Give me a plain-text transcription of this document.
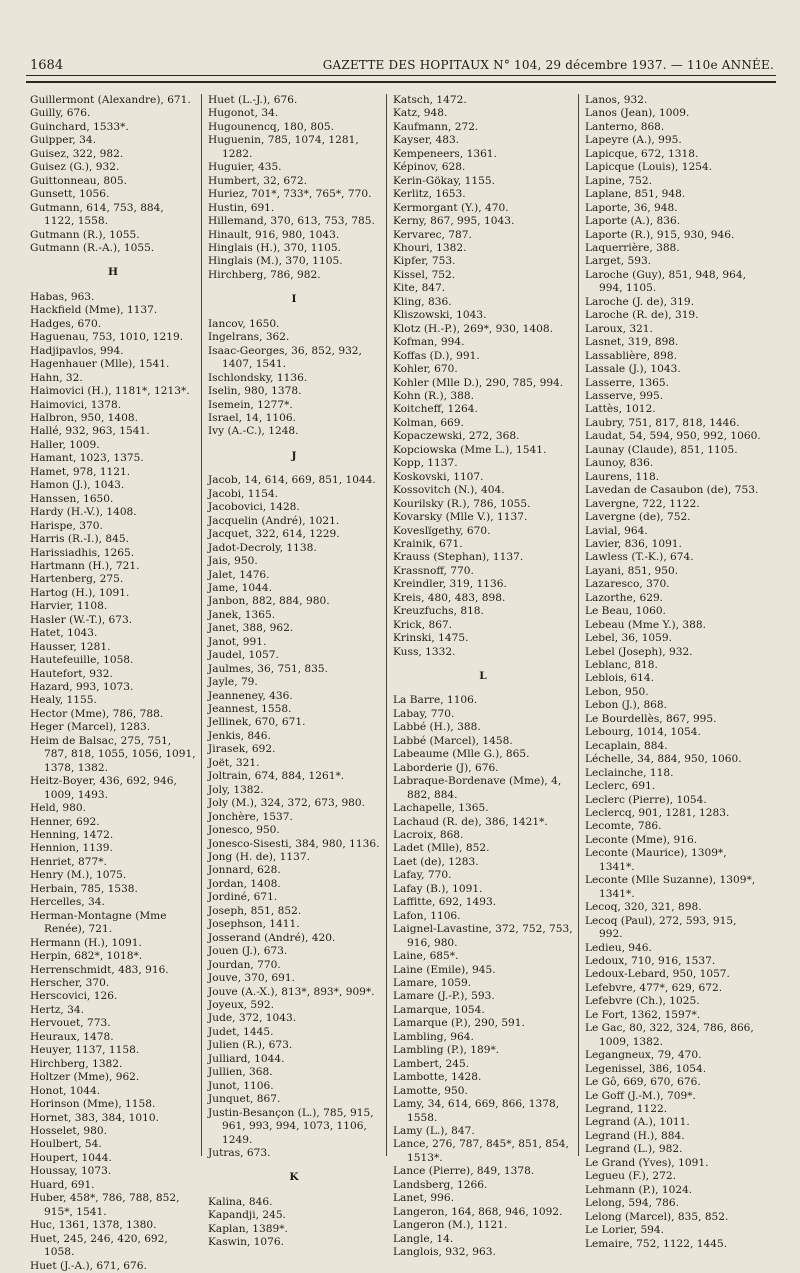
1684	GAZETTE DES HOPITAUX N° 104, 29 décembre 1937. — 110e ANNÉE.

Guillermont (Alexandre), 671.

Guilly, 676.

Guinchard, 1533*.

Guipper, 34.

Guisez, 322, 982.

Guisez (G.), 932.

Guittonneau, 805.

Gunsett, 1056.

Gutmann, 614, 753, 884, 1122, 1558.

Gutmann (R.), 1055.

Gutmann (R.-A.), 1055.

H

Habas, 963.

Hackfield (Mme), 1137.

Hadges, 670.

Haguenau, 753, 1010, 1219.

Hadjipavlos, 994.

Hagenhauer (Mlle), 1541.

Hahn, 32.

Haimovici (H.), 1181*, 1213*.

Haimovici, 1378.

Halbron, 950, 1408.

Hallé, 932, 963, 1541.

Haller, 1009.

Hamant, 1023, 1375.

Hamet, 978, 1121.

Hamon (J.), 1043.

Hanssen, 1650.

Hardy (H.-V.), 1408.

Harispe, 370.

Harris (R.-I.), 845.

Harissiadhis, 1265.

Hartmann (H.), 721.

Hartenberg, 275.

Hartog (H.), 1091.

Harvier, 1108.

Hasler (W.-T.), 673.

Hatet, 1043.

Hausser, 1281.

Hautefeuille, 1058.

Hautefort, 932.

Hazard, 993, 1073.

Healy, 1155.

Hector (Mme), 786, 788.

Heger (Marcel), 1283.

Heim de Balsac, 275, 751, 787, 818, 1055, 1056, 1091, 1378, 1382.

Heitz-Boyer, 436, 692, 946, 1009, 1493.

Held, 980.

Henner, 692.

Henning, 1472.

Hennion, 1139.

Henriet, 877*.

Henry (M.), 1075.

Herbain, 785, 1538.

Hercelles, 34.

Herman-Montagne (Mme Renée), 721.

Hermann (H.), 1091.

Herpin, 682*, 1018*.

Herrenschmidt, 483, 916.

Herscher, 370.

Herscovici, 126.

Hertz, 34.

Hervouet, 773.

Heuraux, 1478.

Heuyer, 1137, 1158.

Hirchberg, 1382.

Holtzer (Mme), 962.

Honot, 1044.

Horinson (Mme), 1158.

Hornet, 383, 384, 1010.

Hosselet, 980.

Houlbert, 54.

Houpert, 1044.

Houssay, 1073.

Huard, 691.

Huber, 458*, 786, 788, 852, 915*, 1541.

Huc, 1361, 1378, 1380.

Huet, 245, 246, 420, 692, 1058.

Huet (J.-A.), 671, 676.

Huet (L.-J.), 676.

Hugonot, 34.

Hugounencq, 180, 805.

Huguenin, 785, 1074, 1281, 1282.

Huguier, 435.

Humbert, 32, 672.

Huriez, 701*, 733*, 765*, 770.

Hustin, 691.

Hillemand, 370, 613, 753, 785.

Hinault, 916, 980, 1043.

Hinglais (H.), 370, 1105.

Hinglais (M.), 370, 1105.

Hirchberg, 786, 982.

I

Iancov, 1650.

Ingelrans, 362.

Isaac-Georges, 36, 852, 932, 1407, 1541.

Ischlondsky, 1136.

Iselin, 980, 1378.

Isemein, 1277*.

Israel, 14, 1106.

Ivy (A.-C.), 1248.

J

Jacob, 14, 614, 669, 851, 1044.

Jacobi, 1154.

Jacobovici, 1428.

Jacquelin (André), 1021.

Jacquet, 322, 614, 1229.

Jadot-Decroly, 1138.

Jais, 950.

Jalet, 1476.

Jame, 1044.

Janbon, 882, 884, 980.

Janek, 1365.

Janet, 388, 962.

Janot, 991.

Jaudel, 1057.

Jaulmes, 36, 751, 835.

Jayle, 79.

Jeanneney, 436.

Jeannest, 1558.

Jellinek, 670, 671.

Jenkis, 846.

Jirasek, 692.

Joët, 321.

Joltrain, 674, 884, 1261*.

Joly, 1382.

Joly (M.), 324, 372, 673, 980.

Jonchère, 1537.

Jonesco, 950.

Jonesco-Sisesti, 384, 980, 1136.

Jong (H. de), 1137.

Jonnard, 628.

Jordan, 1408.

Jordiné, 671.

Joseph, 851, 852.

Josephson, 1411.

Josserand (André), 420.

Jouen (J.), 673.

Jourdan, 770.

Jouve, 370, 691.

Jouve (A.-X.), 813*, 893*, 909*.

Joyeux, 592.

Jude, 372, 1043.

Judet, 1445.

Julien (R.), 673.

Julliard, 1044.

Jullien, 368.

Junot, 1106.

Junquet, 867.

Justin-Besançon (L.), 785, 915, 961, 993, 994, 1073, 1106, 1249.

Jutras, 673.

K

Kalina, 846.

Kapandji, 245.

Kaplan, 1389*.

Kaswin, 1076.

Katsch, 1472.

Katz, 948.

Kaufmann, 272.

Kayser, 483.

Kempeneers, 1361.

Képinov, 628.

Kerin-Gökay, 1155.

Kerlitz, 1653.

Kermorgant (Y.), 470.

Kerny, 867, 995, 1043.

Kervarec, 787.

Khouri, 1382.

Kipfer, 753.

Kissel, 752.

Kite, 847.

Kling, 836.

Kliszowski, 1043.

Klotz (H.-P.), 269*, 930, 1408.

Kofman, 994.

Koffas (D.), 991.

Kohler, 670.

Kohler (Mlle D.), 290, 785, 994.

Kohn (R.), 388.

Koitcheff, 1264.

Kolman, 669.

Kopaczewski, 272, 368.

Kopciowska (Mme L.), 1541.

Kopp, 1137.

Koskovski, 1107.

Kossovitch (N.), 404.

Kourilsky (R.), 786, 1055.

Kovarsky (Mlle V.), 1137.

Koveslïgethy, 670.

Krainik, 671.

Krauss (Stephan), 1137.

Krassnoff, 770.

Kreindler, 319, 1136.

Kreis, 480, 483, 898.

Kreuzfuchs, 818.

Krick, 867.

Krinski, 1475.

Kuss, 1332.

L

La Barre, 1106.

Labay, 770.

Labbé (H.), 388.

Labbé (Marcel), 1458.

Labeaume (Mlle G.), 865.

Laborderie (J), 676.

Labraque-Bordenave (Mme), 4, 882, 884.

Lachapelle, 1365.

Lachaud (R. de), 386, 1421*.

Lacroix, 868.

Ladet (Mlle), 852.

Laet (de), 1283.

Lafay, 770.

Lafay (B.), 1091.

Laffitte, 692, 1493.

Lafon, 1106.

Laignel-Lavastine, 372, 752, 753, 916, 980.

Laine, 685*.

Laine (Emile), 945.

Lamare, 1059.

Lamare (J.-P.), 593.

Lamarque, 1054.

Lamarque (P.), 290, 591.

Lambling, 964.

Lambling (P.), 189*.

Lambert, 245.

Lambotte, 1428.

Lamotte, 950.

Lamy, 34, 614, 669, 866, 1378, 1558.

Lamy (L.), 847.

Lance, 276, 787, 845*, 851, 854, 1513*.

Lance (Pierre), 849, 1378.

Landsberg, 1266.

Lanet, 996.

Langeron, 164, 868, 946, 1092.

Langeron (M.), 1121.

Langle, 14.

Langlois, 932, 963.

Lanos, 932.

Lanos (Jean), 1009.

Lanterno, 868.

Lapeyre (A.), 995.

Lapicque, 672, 1318.

Lapicque (Louis), 1254.

Lapine, 752.

Laplane, 851, 948.

Laporte, 36, 948.

Laporte (A.), 836.

Laporte (R.), 915, 930, 946.

Laquerrière, 388.

Larget, 593.

Laroche (Guy), 851, 948, 964, 994, 1105.

Laroche (J. de), 319.

Laroche (R. de), 319.

Laroux, 321.

Lasnet, 319, 898.

Lassablière, 898.

Lassale (J.), 1043.

Lasserre, 1365.

Lasserve, 995.

Lattès, 1012.

Laubry, 751, 817, 818, 1446.

Laudat, 54, 594, 950, 992, 1060.

Launay (Claude), 851, 1105.

Launoy, 836.

Laurens, 118.

Lavedan de Casaubon (de), 753.

Lavergne, 722, 1122.

Lavergne (de), 752.

Lavial, 964.

Lavier, 836, 1091.

Lawless (T.-K.), 674.

Layani, 851, 950.

Lazaresco, 370.

Lazorthe, 629.

Le Beau, 1060.

Lebeau (Mme Y.), 388.

Lebel, 36, 1059.

Lebel (Joseph), 932.

Leblanc, 818.

Leblois, 614.

Lebon, 950.

Lebon (J.), 868.

Le Bourdellès, 867, 995.

Lebourg, 1014, 1054.

Lecaplain, 884.

Léchelle, 34, 884, 950, 1060.

Leclainche, 118.

Leclerc, 691.

Leclerc (Pierre), 1054.

Leclercq, 901, 1281, 1283.

Lecomte, 786.

Leconte (Mme), 916.

Leconte (Maurice), 1309*, 1341*.

Leconte (Mlle Suzanne), 1309*, 1341*.

Lecoq, 320, 321, 898.

Lecoq (Paul), 272, 593, 915, 992.

Ledieu, 946.

Ledoux, 710, 916, 1537.

Ledoux-Lebard, 950, 1057.

Lefebvre, 477*, 629, 672.

Lefebvre (Ch.), 1025.

Le Fort, 1362, 1597*.

Le Gac, 80, 322, 324, 786, 866, 1009, 1382.

Legangneux, 79, 470.

Legenissel, 386, 1054.

Le Gô, 669, 670, 676.

Le Goff (J.-M.), 709*.

Legrand, 1122.

Legrand (A.), 1011.

Legrand (H.), 884.

Legrand (L.), 982.

Le Grand (Yves), 1091.

Legueu (F.), 272.

Lehmann (P.), 1024.

Lelong, 594, 786.

Lelong (Marcel), 835, 852.

Le Lorier, 594.

Lemaire, 752, 1122, 1445.
